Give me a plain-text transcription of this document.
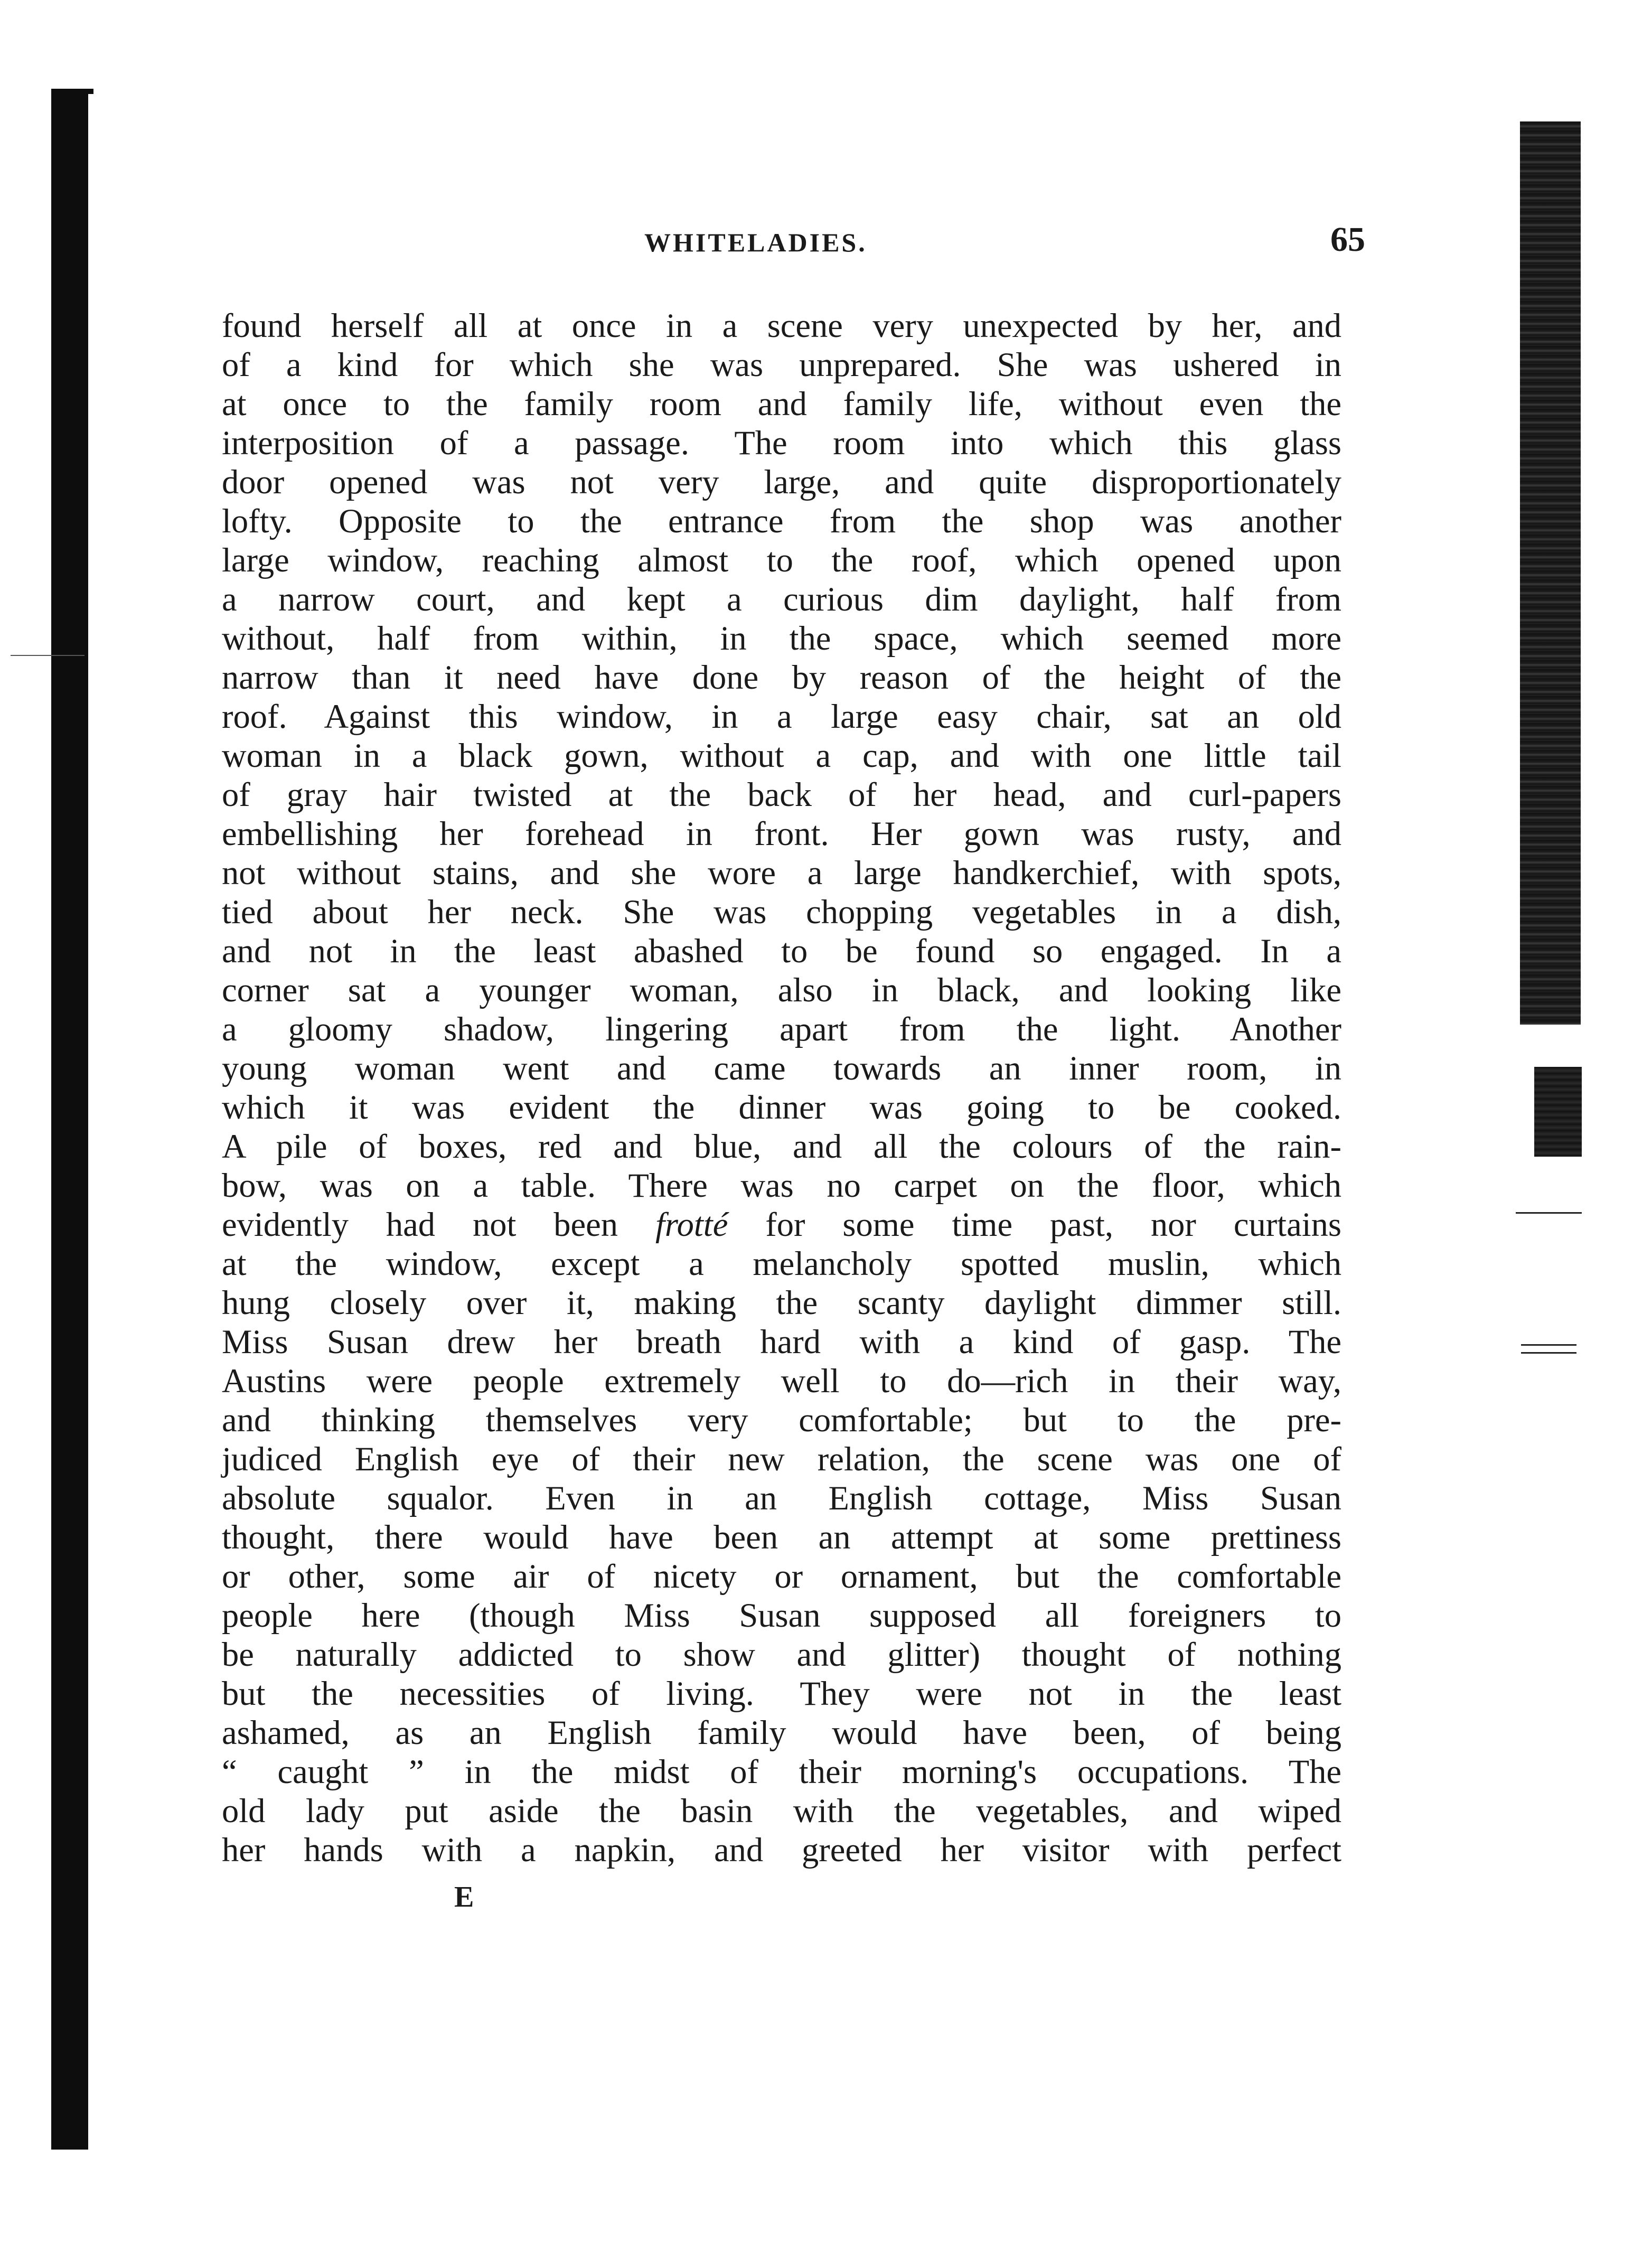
WHITELADIES.	65
found herself all at once in a scene very unexpected by her, and
of a kind for which she was unprepared. She was ushered in
at once to the family room and family life, without even the
interposition of a passage. The room into which this glass
door opened was not very large, and quite disproportionately
lofty. Opposite to the entrance from the shop was another
large window, reaching almost to the roof, which opened upon
a narrow court, and kept a curious dim daylight, half from
without, half from within, in the space, which seemed more
narrow than it need have done by reason of the height of the
roof. Against this window, in a large easy chair, sat an old
woman in a black gown, without a cap, and with one little tail
of gray hair twisted at the back of her head, and curl-papers
embellishing her forehead in front. Her gown was rusty, and
not without stains, and she wore a large handkerchief, with spots,
tied about her neck. She was chopping vegetables in a dish,
and not in the least abashed to be found so engaged. In a
corner sat a younger woman, also in black, and looking like
a gloomy shadow, lingering apart from the light. Another
young woman went and came towards an inner room, in
which it was evident the dinner was going to be cooked.
A pile of boxes, red and blue, and all the colours of the rain-
bow, was on a table. There was no carpet on the floor, which
evidently had not been frotté for some time past, nor curtains
at the window, except a melancholy spotted muslin, which
hung closely over it, making the scanty daylight dimmer still.
Miss Susan drew her breath hard with a kind of gasp. The
Austins were people extremely well to do—rich in their way,
and thinking themselves very comfortable; but to the pre-
judiced English eye of their new relation, the scene was one of
absolute squalor. Even in an English cottage, Miss Susan
thought, there would have been an attempt at some prettiness
or other, some air of nicety or ornament, but the comfortable
people here (though Miss Susan supposed all foreigners to
be naturally addicted to show and glitter) thought of nothing
but the necessities of living. They were not in the least
ashamed, as an English family would have been, of being
“ caught ” in the midst of their morning's occupations. The
old lady put aside the basin with the vegetables, and wiped
her hands with a napkin, and greeted her visitor with perfect
E
